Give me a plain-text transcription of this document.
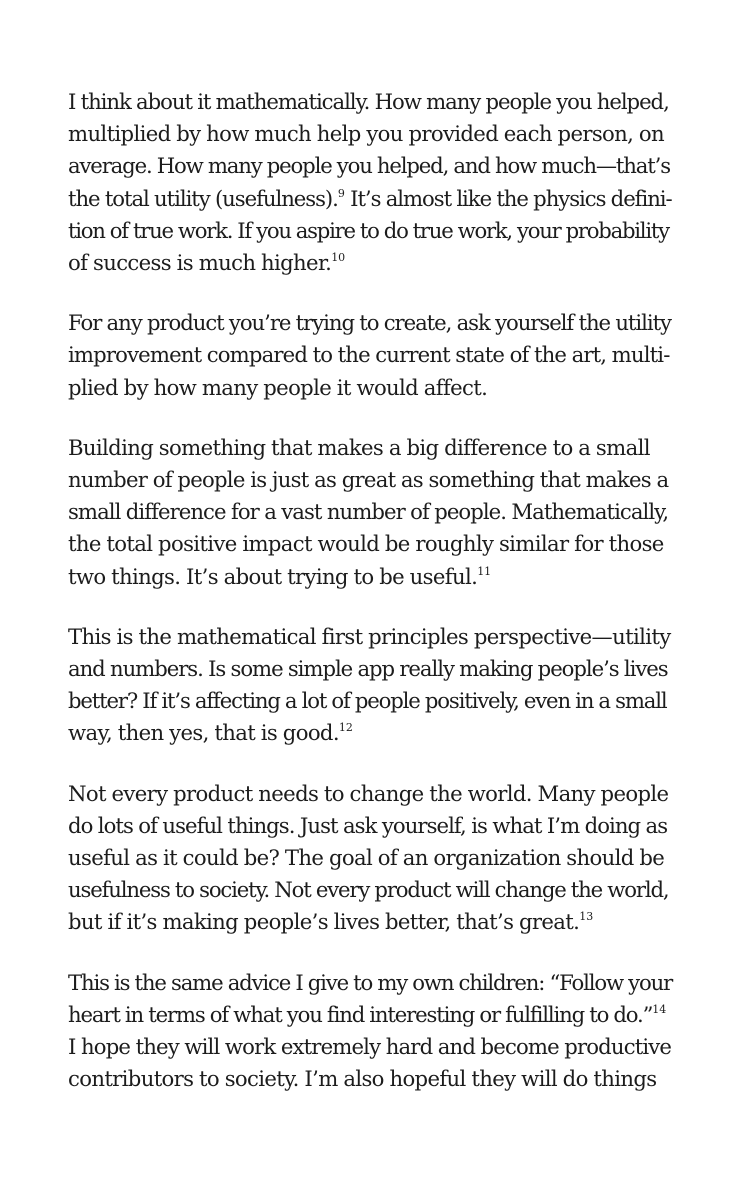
I think about it mathematically. How many people you helped,
multiplied by how much help you provided each person, on
average. How many people you helped, and how much—that’s
the total utility (usefulness).$^9$ It’s almost like the physics defini-
tion of true work. If you aspire to do true work, your probability
of success is much higher.$^{10}$

For any product you’re trying to create, ask yourself the utility
improvement compared to the current state of the art, multi-
plied by how many people it would affect.

Building something that makes a big difference to a small
number of people is just as great as something that makes a
small difference for a vast number of people. Mathematically,
the total positive impact would be roughly similar for those
two things. It’s about trying to be useful.$^{11}$

This is the mathematical first principles perspective—utility
and numbers. Is some simple app really making people’s lives
better? If it’s affecting a lot of people positively, even in a small
way, then yes, that is good.$^{12}$

Not every product needs to change the world. Many people
do lots of useful things. Just ask yourself, is what I’m doing as
useful as it could be? The goal of an organization should be
usefulness to society. Not every product will change the world,
but if it’s making people’s lives better, that’s great.$^{13}$

This is the same advice I give to my own children: “Follow your
heart in terms of what you find interesting or fulfilling to do.”$^{14}$
I hope they will work extremely hard and become productive
contributors to society. I’m also hopeful they will do things
